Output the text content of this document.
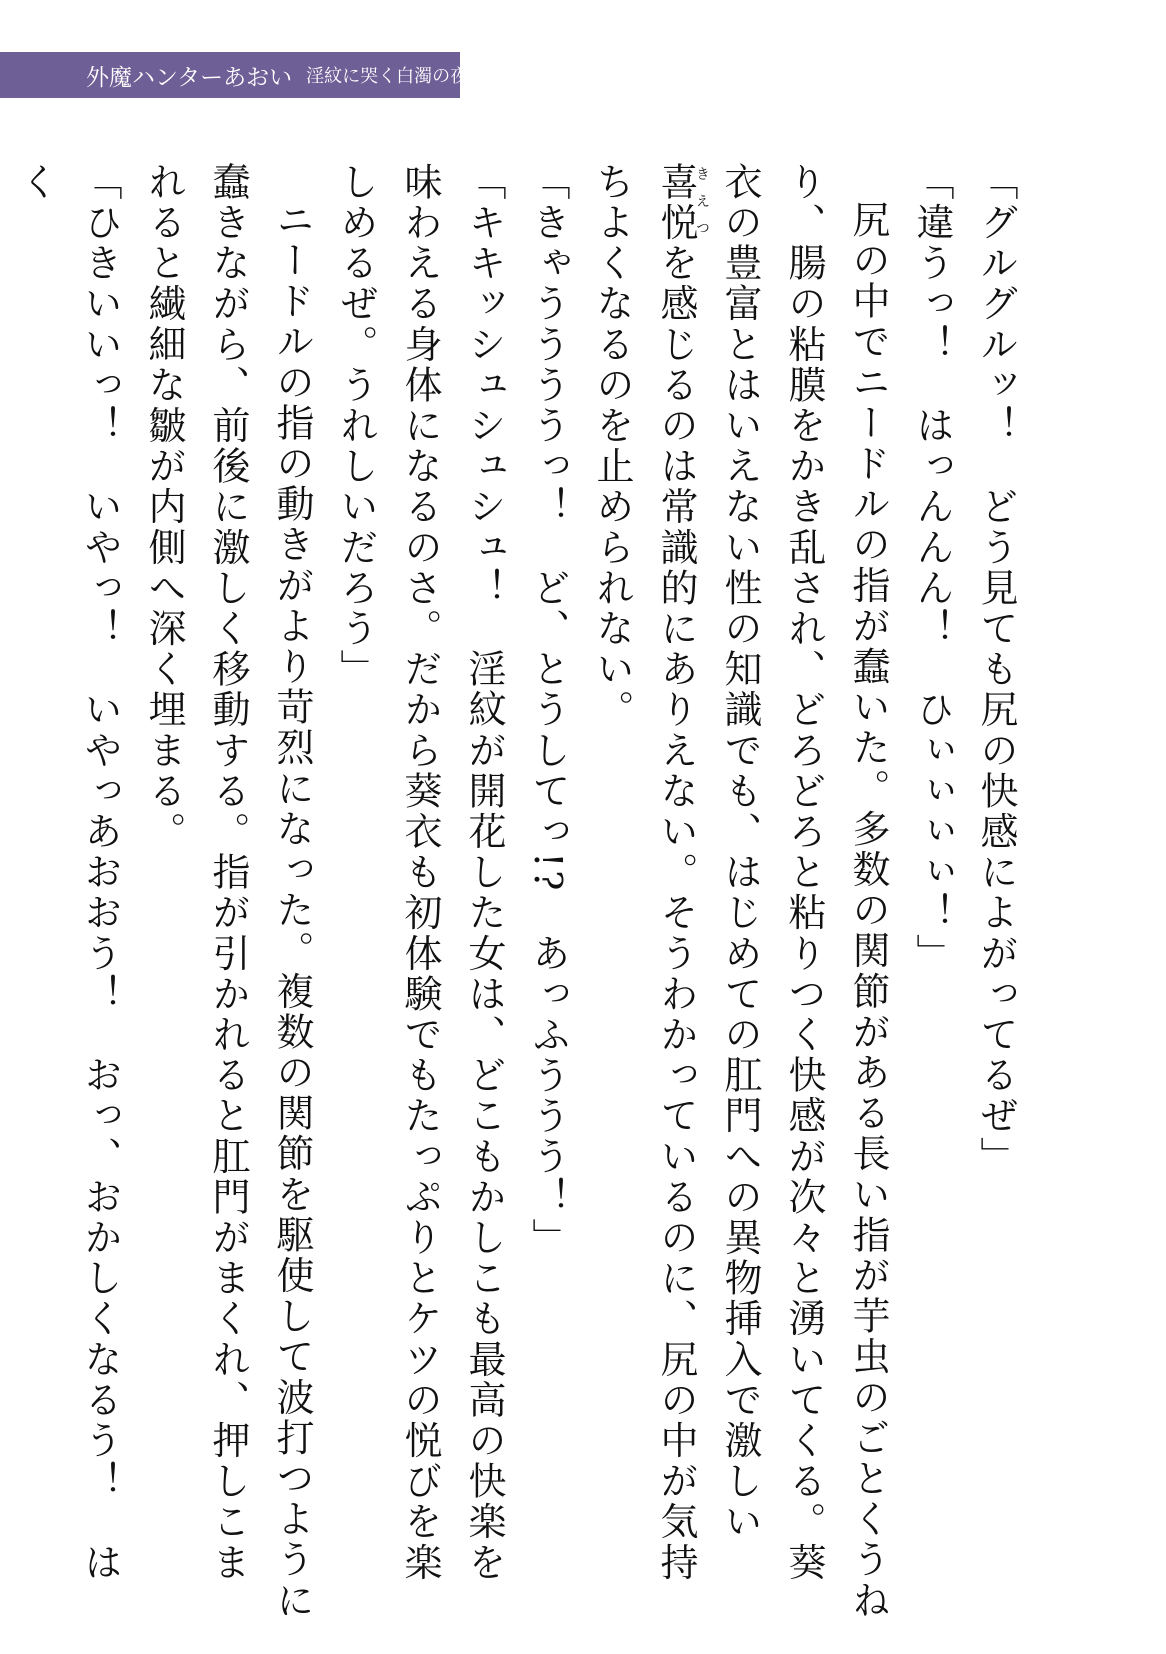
外魔ハンターあおい 淫紋に哭く白濁の夜

「グルグルッ！　どう見ても尻の快感によがってるぜ」

「違うっ！　はっんんん！　ひぃぃぃぃ！」

尻の中でニードルの指が蠢いた。多数の関節がある長い指が芋虫のごとくうねり、腸の粘膜をかき乱され、どろどろと粘りつく快感が次々と湧いてくる。葵衣の豊富とはいえない性の知識でも、はじめての肛門への異物挿入で激しい喜悦きえつを感じるのは常識的にありえない。そうわかっているのに、尻の中が気持ちよくなるのを止められない。

「きゃううううっ！　ど、とうしてっ!?　あっふううう！」

「キキッシュシュシュ！　淫紋が開花した女は、どこもかしこも最高の快楽を味わえる身体になるのさ。だから葵衣も初体験でもたっぷりとケツの悦びを楽しめるぜ。うれしいだろう」

ニードルの指の動きがより苛烈になった。複数の関節を駆使して波打つように蠢きながら、前後に激しく移動する。指が引かれると肛門がまくれ、押しこまれると繊細な皺が内側へ深く埋まる。

「ひきいいっ！　いやっ！　いやっあおおう！　おっ、おかしくなるう！　はく
